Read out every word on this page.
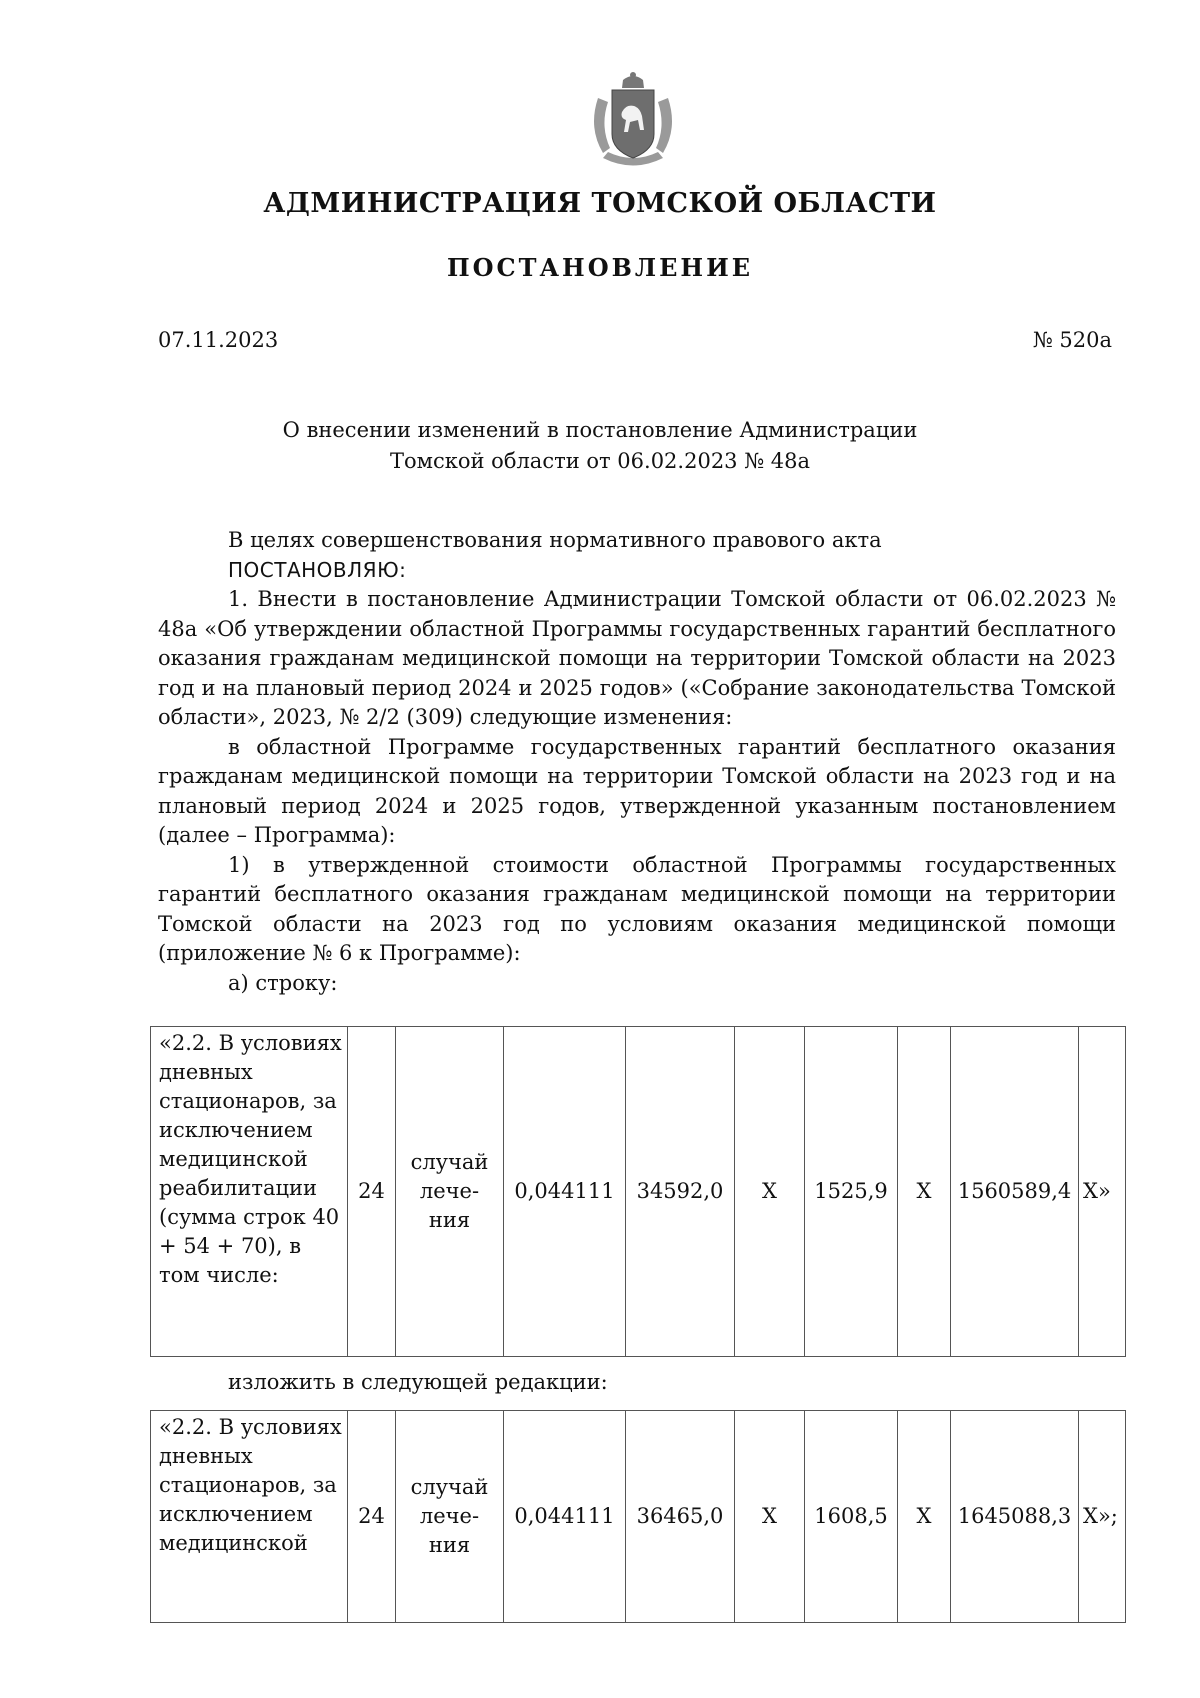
АДМИНИСТРАЦИЯ ТОМСКОЙ ОБЛАСТИ
ПОСТАНОВЛЕНИЕ
07.11.2023	№ 520а
О внесении изменений в постановление Администрации
Томской области от 06.02.2023 № 48а

В целях совершенствования нормативного правового акта

ПОСТАНОВЛЯЮ:

1. Внести в постановление Администрации Томской области от 06.02.2023 № 48а «Об утверждении областной Программы государственных гарантий бесплатного оказания гражданам медицинской помощи на территории Томской области на 2023 год и на плановый период 2024 и 2025 годов» («Собрание законодательства Томской области», 2023, № 2/2 (309) следующие изменения:

в областной Программе государственных гарантий бесплатного оказания гражданам медицинской помощи на территории Томской области на 2023 год и на плановый период 2024 и 2025 годов, утвержденной указанным постановлением (далее – Программа):

1) в утвержденной стоимости областной Программы государственных гарантий бесплатного оказания гражданам медицинской помощи на территории Томской области на 2023 год по условиям оказания медицинской помощи (приложение № 6 к Программе):

а) строку:

«2.2. В условиях дневных стационаров, за исключением медицинской реабилитации (сумма строк 40 + 54 + 70), в том числе:	24	случай лече-ния	0,044111	34592,0	X	1525,9	X	1560589,4	X»
изложить в следующей редакции:
«2.2. В условиях дневных стационаров, за исключением медицинской	24	случай лече-ния	0,044111	36465,0	X	1608,5	X	1645088,3	X»;
